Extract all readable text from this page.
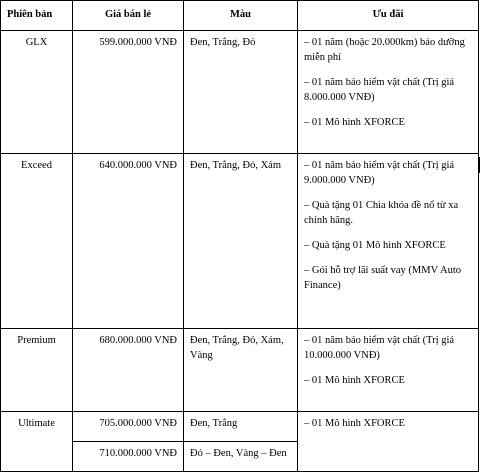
Phiên bản	Giá bán lẻ	Màu	Ưu đãi
GLX	599.000.000 VNĐ	Đen, Trắng, Đỏ	– 01 năm (hoặc 20.000km) bảo dưỡng miễn phí
– 01 năm bảo hiểm vật chất (Trị giá 8.000.000 VNĐ)
– 01 Mô hình XFORCE

Exceed	640.000.000 VNĐ	Đen, Trắng, Đỏ, Xám	– 01 năm bảo hiểm vật chất (Trị giá 9.000.000 VNĐ)
– Quà tặng 01 Chìa khóa đề nổ từ xa chính hãng.
– Quà tặng 01 Mô hình XFORCE
– Gói hỗ trợ lãi suất vay (MMV Auto Finance)

Premium	680.000.000 VNĐ	Đen, Trắng, Đỏ, Xám, Vàng	– 01 năm bảo hiểm vật chất (Trị giá 10.000.000 VNĐ)
– 01 Mô hình XFORCE

Ultimate	705.000.000 VNĐ	Đen, Trắng	– 01 Mô hình XFORCE

	710.000.000 VNĐ	Đỏ – Đen, Vàng – Đen	
